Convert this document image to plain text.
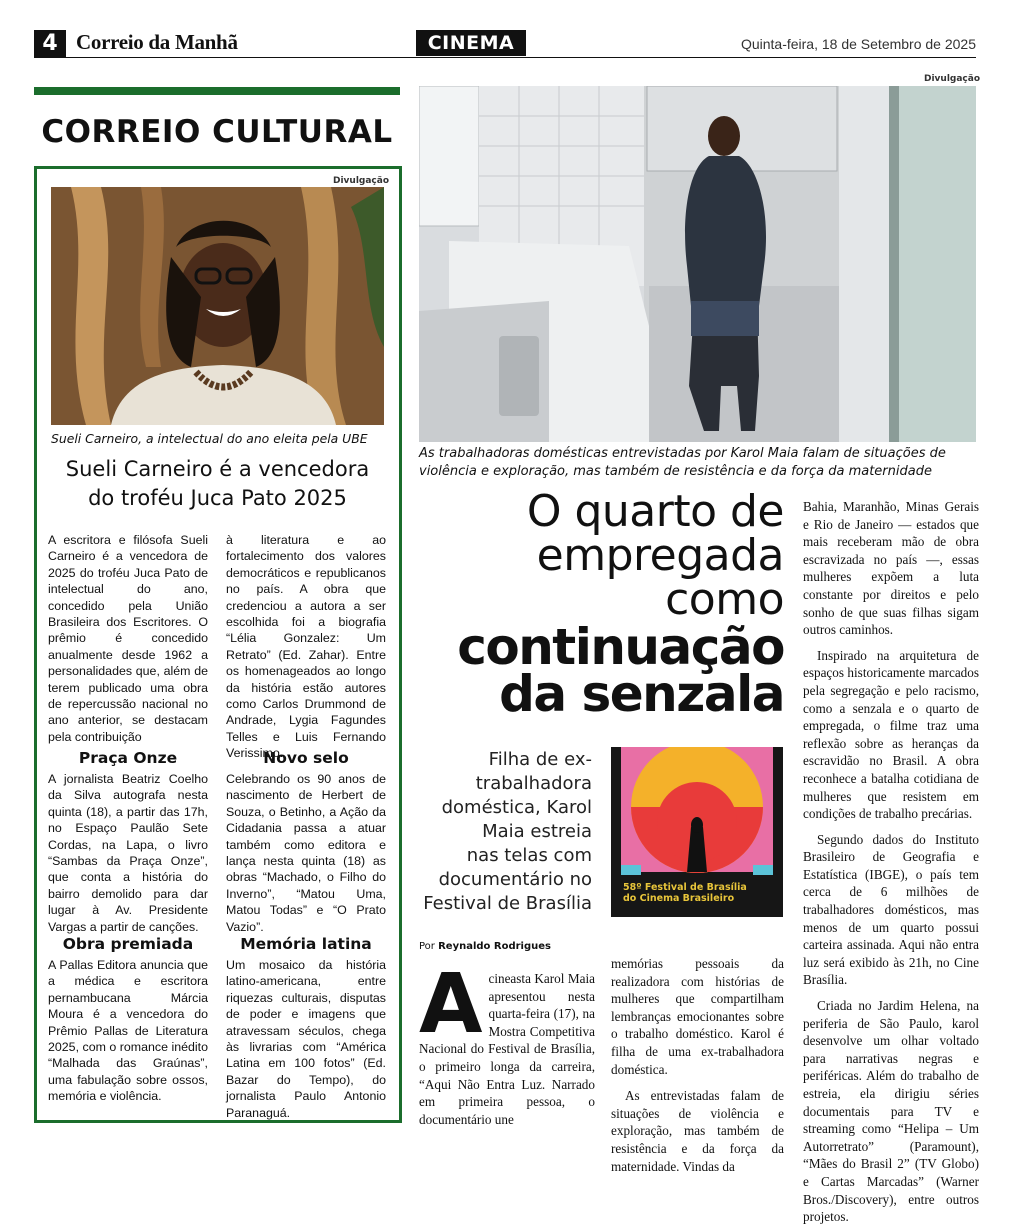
4 Correio da Manhã	CINEMA	Quinta-feira, 18 de Setembro de 2025
CORREIO CULTURAL
Divulgação
Sueli Carneiro, a intelectual do ano eleita pela UBE
Sueli Carneiro é a vencedora
do troféu Juca Pato 2025
A escritora e filósofa Sueli Carneiro é a vencedora de 2025 do troféu Juca Pato de intelectual do ano, concedido pela União Brasileira dos Escritores. O prêmio é concedido anualmente desde 1962 a personalidades que, além de terem publicado uma obra de repercussão nacional no ano anterior, se destacam pela contribuição
à literatura e ao fortalecimento dos valores democráticos e republicanos no país. A obra que credenciou a autora a ser escolhida foi a biografia “Lélia Gonzalez: Um Retrato” (Ed. Zahar). Entre os homenageados ao longo da história estão autores como Carlos Drummond de Andrade, Lygia Fagundes Telles e Luis Fernando Verissimo.
Praça Onze
A jornalista Beatriz Coelho da Silva autografa nesta quinta (18), a partir das 17h, no Espaço Paulão Sete Cordas, na Lapa, o livro “Sambas da Praça Onze”, que conta a história do bairro demolido para dar lugar à Av. Presidente Vargas a partir de canções.
Novo selo
Celebrando os 90 anos de nascimento de Herbert de Souza, o Betinho, a Ação da Cidadania passa a atuar também como editora e lança nesta quinta (18) as obras “Machado, o Filho do Inverno”, “Matou Uma, Matou Todas” e “O Prato Vazio”.
Obra premiada
A Pallas Editora anuncia que a médica e escritora pernambucana Márcia Moura é a vencedora do Prêmio Pallas de Literatura 2025, com o romance inédito “Malhada das Graúnas”, uma fabulação sobre ossos, memória e violência.
Memória latina
Um mosaico da história latino-americana, entre riquezas culturais, disputas de poder e imagens que atravessam séculos, chega às livrarias com “América Latina em 100 fotos” (Ed. Bazar do Tempo), do jornalista Paulo Antonio Paranaguá.
Divulgação
As trabalhadoras domésticas entrevistadas por Karol Maia falam de situações de
violência e exploração, mas também de resistência e da força da maternidade
O quarto de
empregada
como
continuação
da senzala
Filha de ex-
trabalhadora
doméstica, Karol
Maia estreia
nas telas com
documentário no
Festival de Brasília
58º Festival de Brasília
do Cinema Brasileiro
Por Reynaldo Rodrigues
Acineasta Karol Maia apresentou nesta quarta-feira (17), na Mostra Competitiva Nacional do Festival de Brasília, o primeiro longa da carreira, “Aqui Não Entra Luz. Narrado em primeira pessoa, o documentário une

memórias pessoais da realizadora com histórias de mulheres que compartilham lembranças emocionantes sobre o trabalho doméstico. Karol é filha de uma ex-trabalhadora doméstica.

As entrevistadas falam de situações de violência e exploração, mas também de resistência e da força da maternidade. Vindas da

Bahia, Maranhão, Minas Gerais e Rio de Janeiro — estados que mais receberam mão de obra escravizada no país —, essas mulheres expõem a luta constante por direitos e pelo sonho de que suas filhas sigam outros caminhos.

Inspirado na arquitetura de espaços historicamente marcados pela segregação e pelo racismo, como a senzala e o quarto de empregada, o filme traz uma reflexão sobre as heranças da escravidão no Brasil. A obra reconhece a batalha cotidiana de mulheres que resistem em condições de trabalho precárias.

Segundo dados do Instituto Brasileiro de Geografia e Estatística (IBGE), o país tem cerca de 6 milhões de trabalhadores domésticos, mas menos de um quarto possui carteira assinada. Aqui não entra luz será exibido às 21h, no Cine Brasília.

Criada no Jardim Helena, na periferia de São Paulo, karol desenvolve um olhar voltado para narrativas negras e periféricas. Além do trabalho de estreia, ela dirigiu séries documentais para TV e streaming como “Helipa – Um Autorretrato” (Paramount), “Mães do Brasil 2” (TV Globo) e Cartas Marcadas” (Warner Bros./Discovery), entre outros projetos.
